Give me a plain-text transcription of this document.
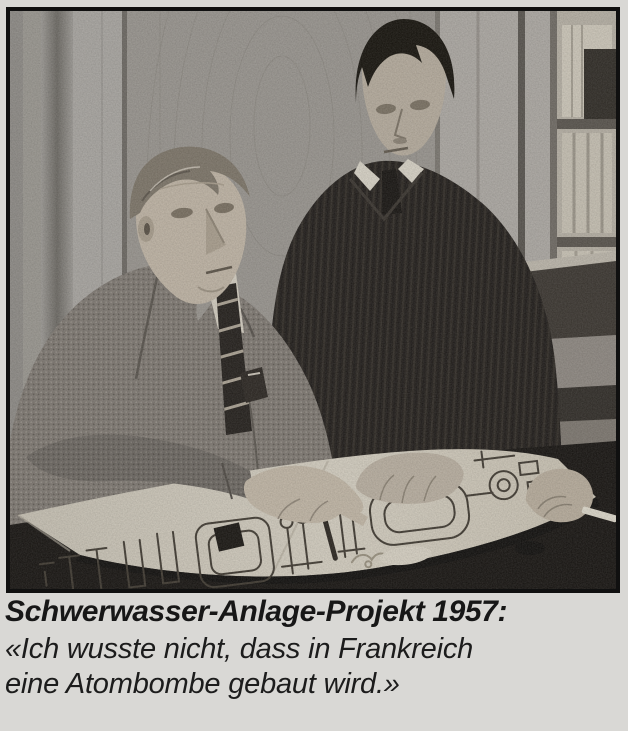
Schwerwasser-Anlage-Projekt 1957:

«Ich wusste nicht, dass in Frankreich
eine Atombombe gebaut wird.»
